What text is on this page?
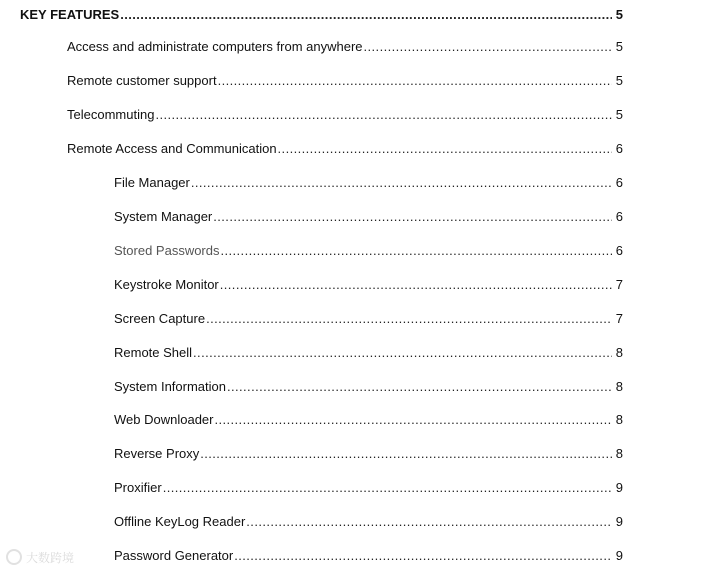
KEY FEATURES .....	5
Access and administrate computers from anywhere .....	5
Remote customer support .....	5
Telecommuting .....	5
Remote Access and Communication .....	6
File Manager .....	6
System Manager .....	6
Stored Passwords .....	6
Keystroke Monitor .....	7
Screen Capture .....	7
Remote Shell .....	8
System Information .....	8
Web Downloader .....	8
Reverse Proxy .....	8
Proxifier .....	9
Offline KeyLog Reader .....	9
Password Generator .....	9
大数跨境
